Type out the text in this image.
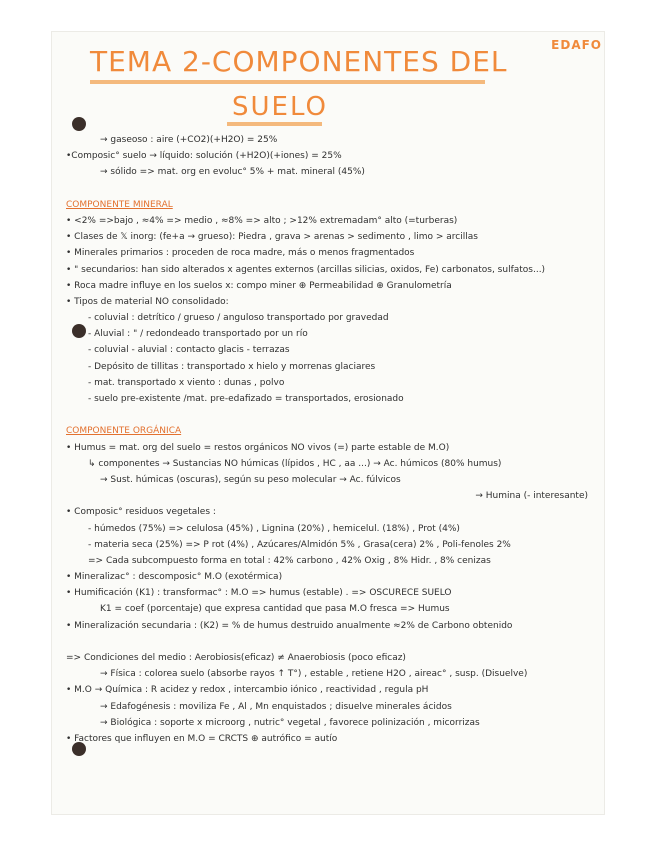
EDAFO
TEMA 2-COMPONENTES DEL
SUELO
→ gaseoso : aire (+CO2)(+H2O) = 25%
•Composic° suelo → líquido: solución (+H2O)(+iones) = 25%
→ sólido => mat. org en evoluc° 5% + mat. mineral (45%)
COMPONENTE MINERAL
• <2% =>bajo , ≈4% => medio , ≈8% => alto ; >12% extremadam° alto (=turberas)
• Clases de 𝕏 inorg: (fe+a → grueso): Piedra , grava > arenas > sedimento , limo > arcillas
• Minerales primarios : proceden de roca madre, más o menos fragmentados
• " secundarios: han sido alterados x agentes externos (arcillas silicias, oxidos, Fe) carbonatos, sulfatos...)
• Roca madre influye en los suelos x: compo miner ⊕ Permeabilidad ⊕ Granulometría
• Tipos de material NO consolidado:
- coluvial : detrítico / grueso / anguloso transportado por gravedad
- Aluvial : " / redondeado transportado por un río
- coluvial - aluvial : contacto glacis - terrazas
- Depósito de tillitas : transportado x hielo y morrenas glaciares
- mat. transportado x viento : dunas , polvo
- suelo pre-existente /mat. pre-edafizado = transportados, erosionado
COMPONENTE ORGÁNICA
• Humus = mat. org del suelo = restos orgánicos NO vivos (=) parte estable de M.O)
↳ componentes → Sustancias NO húmicas (lípidos , HC , aa ...) → Ac. húmicos (80% humus)
→ Sust. húmicas (oscuras), según su peso molecular → Ac. fúlvicos
→ Humina (- interesante)
• Composic° residuos vegetales :
- húmedos (75%) => celulosa (45%) , Lignina (20%) , hemicelul. (18%) , Prot (4%)
- materia seca (25%) => P rot (4%) , Azúcares/Almidón 5% , Grasa(cera) 2% , Poli-fenoles 2%
=> Cada subcompuesto forma en total : 42% carbono , 42% Oxig , 8% Hidr. , 8% cenizas
• Mineralizac° : descomposic° M.O (exotérmica)
• Humificación (K1) : transformac° : M.O => humus (estable) . => OSCURECE SUELO
K1 = coef (porcentaje) que expresa cantidad que pasa M.O fresca => Humus
• Mineralización secundaria : (K2) = % de humus destruido anualmente ≈2% de Carbono obtenido
=> Condiciones del medio : Aerobiosis(eficaz) ≠ Anaerobiosis (poco eficaz)
→ Física : colorea suelo (absorbe rayos ↑ T°) , estable , retiene H2O , aireac° , susp. (Disuelve)
• M.O → Química : R acidez y redox , intercambio iónico , reactividad , regula pH
→ Edafogénesis : moviliza Fe , Al , Mn enquistados ; disuelve minerales ácidos
→ Biológica : soporte x microorg , nutric° vegetal , favorece polinización , micorrizas
• Factores que influyen en M.O = CRCTS ⊕ autrófico = autío
